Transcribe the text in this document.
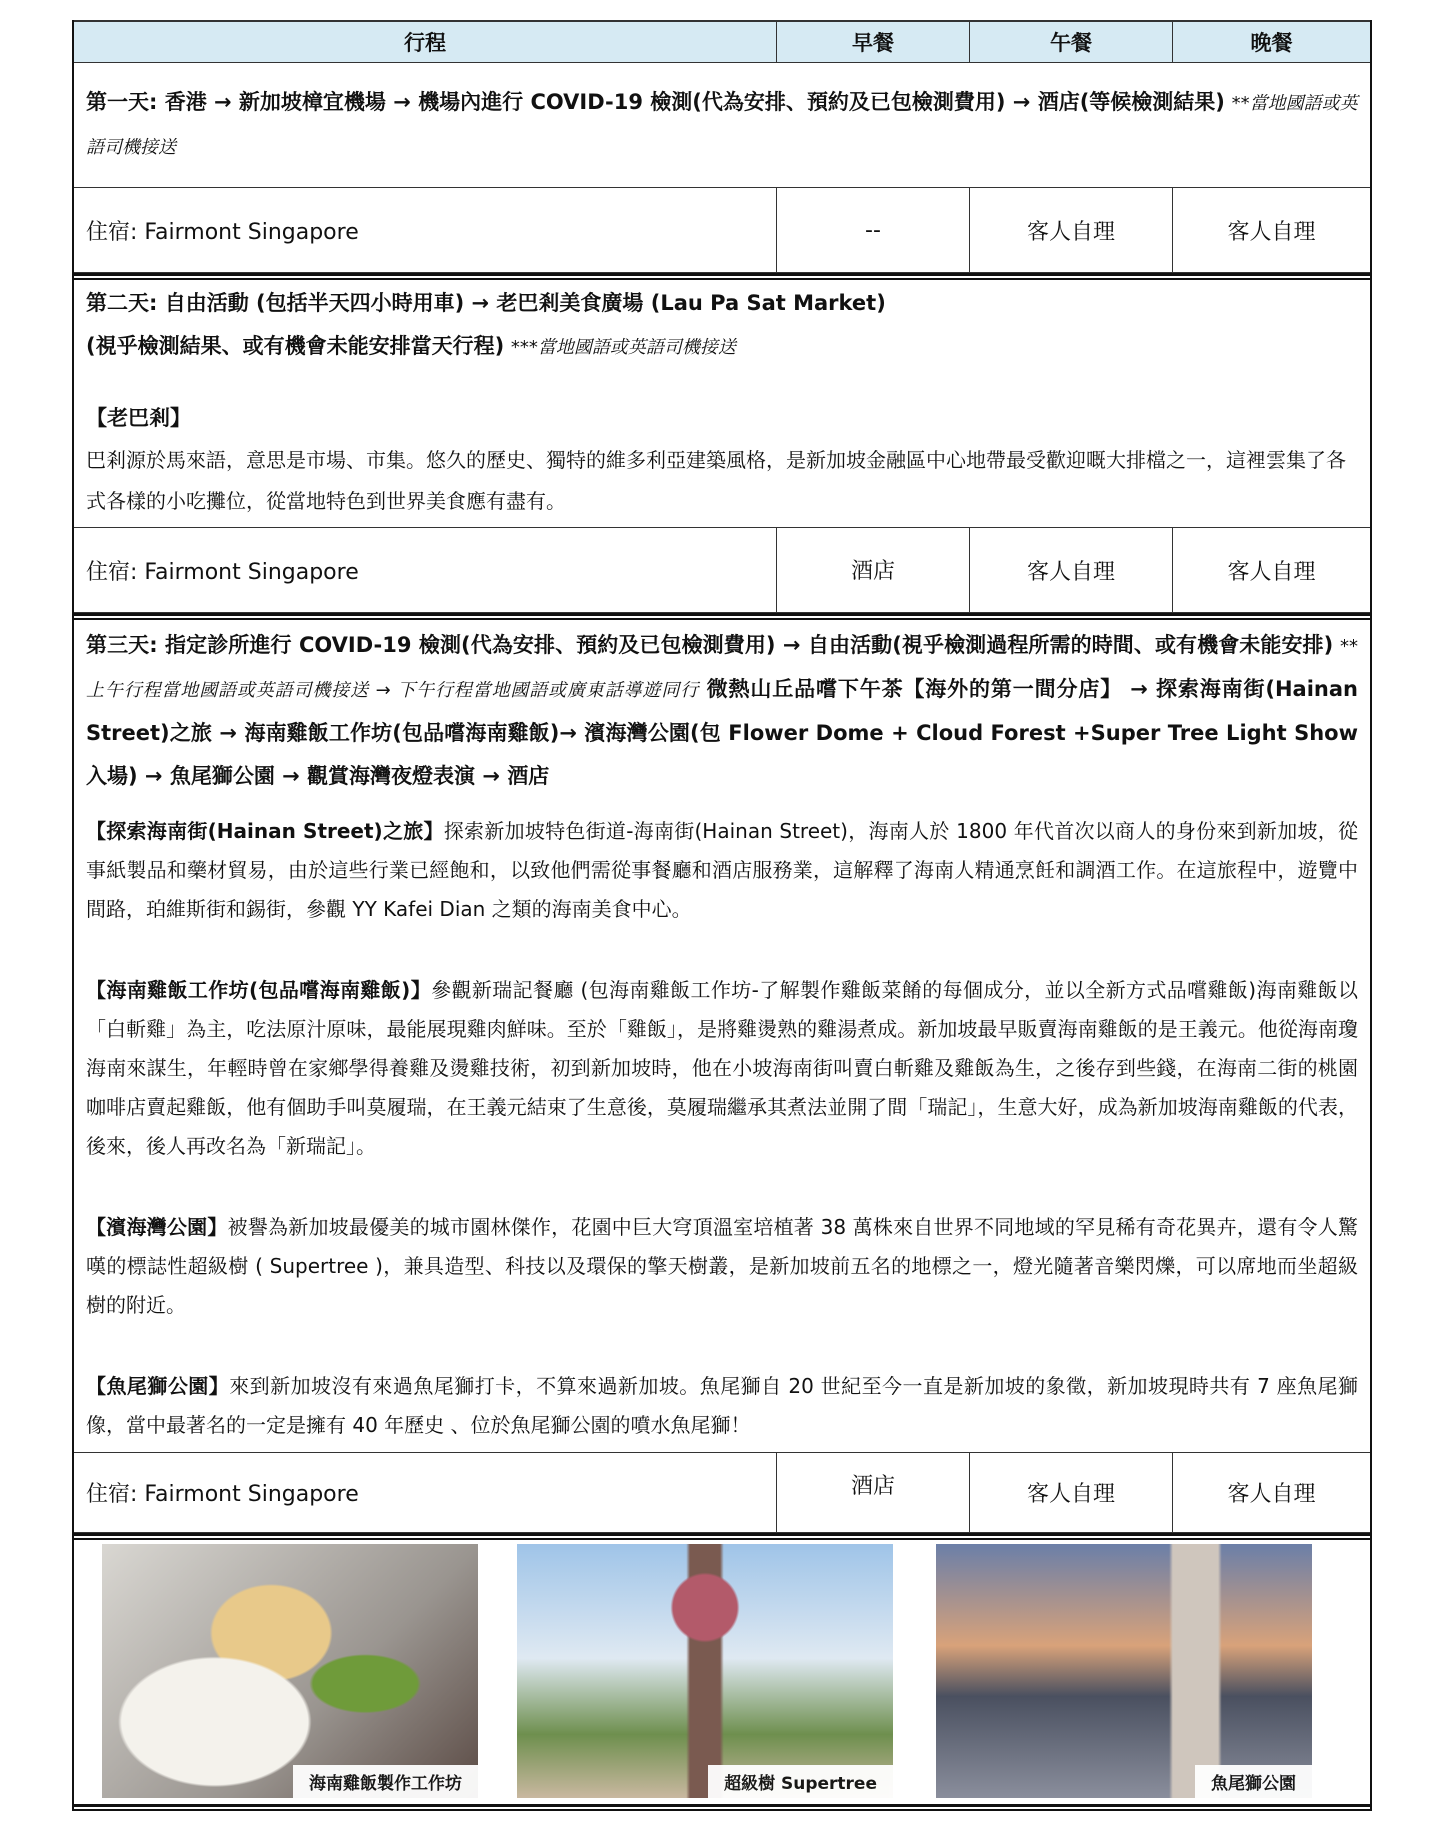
行程	早餐	午餐	晚餐
第一天: 香港 → 新加坡樟宜機場 → 機場內進行 COVID-19 檢測(代為安排、預約及已包檢測費用) → 酒店(等候檢測結果) **當地國語或英語司機接送
住宿: Fairmont Singapore	--	客人自理	客人自理
第二天: 自由活動 (包括半天四小時用車) → 老巴剎美食廣場 (Lau Pa Sat Market)
(視乎檢測結果、或有機會未能安排當天行程) ***當地國語或英語司機接送
【老巴剎】
巴剎源於馬來語，意思是市場、市集。悠久的歷史、獨特的維多利亞建築風格，是新加坡金融區中心地帶最受歡迎嘅大排檔之一，這裡雲集了各式各樣的小吃攤位，從當地特色到世界美食應有盡有。
住宿: Fairmont Singapore	酒店	客人自理	客人自理
第三天: 指定診所進行 COVID-19 檢測(代為安排、預約及已包檢測費用) → 自由活動(視乎檢測過程所需的時間、或有機會未能安排) **上午行程當地國語或英語司機接送 → 下午行程當地國語或廣東話導遊同行 微熱山丘品嚐下午茶【海外的第一間分店】 → 探索海南街(Hainan Street)之旅 → 海南雞飯工作坊(包品嚐海南雞飯)→ 濱海灣公園(包 Flower Dome + Cloud Forest +Super Tree Light Show 入場) → 魚尾獅公園 → 觀賞海灣夜燈表演 → 酒店

【探索海南街(Hainan Street)之旅】探索新加坡特色街道-海南街(Hainan Street)，海南人於 1800 年代首次以商人的身份來到新加坡，從事紙製品和藥材貿易，由於這些行業已經飽和，以致他們需從事餐廳和酒店服務業，這解釋了海南人精通烹飪和調酒工作。在這旅程中，遊覽中間路，珀維斯街和錫街，參觀 YY Kafei Dian 之類的海南美食中心。

【海南雞飯工作坊(包品嚐海南雞飯)】參觀新瑞記餐廳 (包海南雞飯工作坊-了解製作雞飯菜餚的每個成分，並以全新方式品嚐雞飯)海南雞飯以「白斬雞」為主，吃法原汁原味，最能展現雞肉鮮味。至於「雞飯」，是將雞燙熟的雞湯煮成。新加坡最早販賣海南雞飯的是王義元。他從海南瓊海南來謀生，年輕時曾在家鄉學得養雞及燙雞技術，初到新加坡時，他在小坡海南街叫賣白斬雞及雞飯為生，之後存到些錢，在海南二街的桃園咖啡店賣起雞飯，他有個助手叫莫履瑞，在王義元結束了生意後，莫履瑞繼承其煮法並開了間「瑞記」，生意大好，成為新加坡海南雞飯的代表，後來，後人再改名為「新瑞記」。

【濱海灣公園】被譽為新加坡最優美的城市園林傑作，花園中巨大穹頂溫室培植著 38 萬株來自世界不同地域的罕見稀有奇花異卉，還有令人驚嘆的標誌性超級樹 ( Supertree )，兼具造型、科技以及環保的擎天樹叢，是新加坡前五名的地標之一，燈光隨著音樂閃爍，可以席地而坐超級樹的附近。

【魚尾獅公園】來到新加坡沒有來過魚尾獅打卡，不算來過新加坡。魚尾獅自 20 世紀至今一直是新加坡的象徵，新加坡現時共有 7 座魚尾獅像，當中最著名的一定是擁有 40 年歷史 、位於魚尾獅公園的噴水魚尾獅！

住宿: Fairmont Singapore	酒店	客人自理	客人自理
海南雞飯製作工作坊	超級樹 Supertree	魚尾獅公園
